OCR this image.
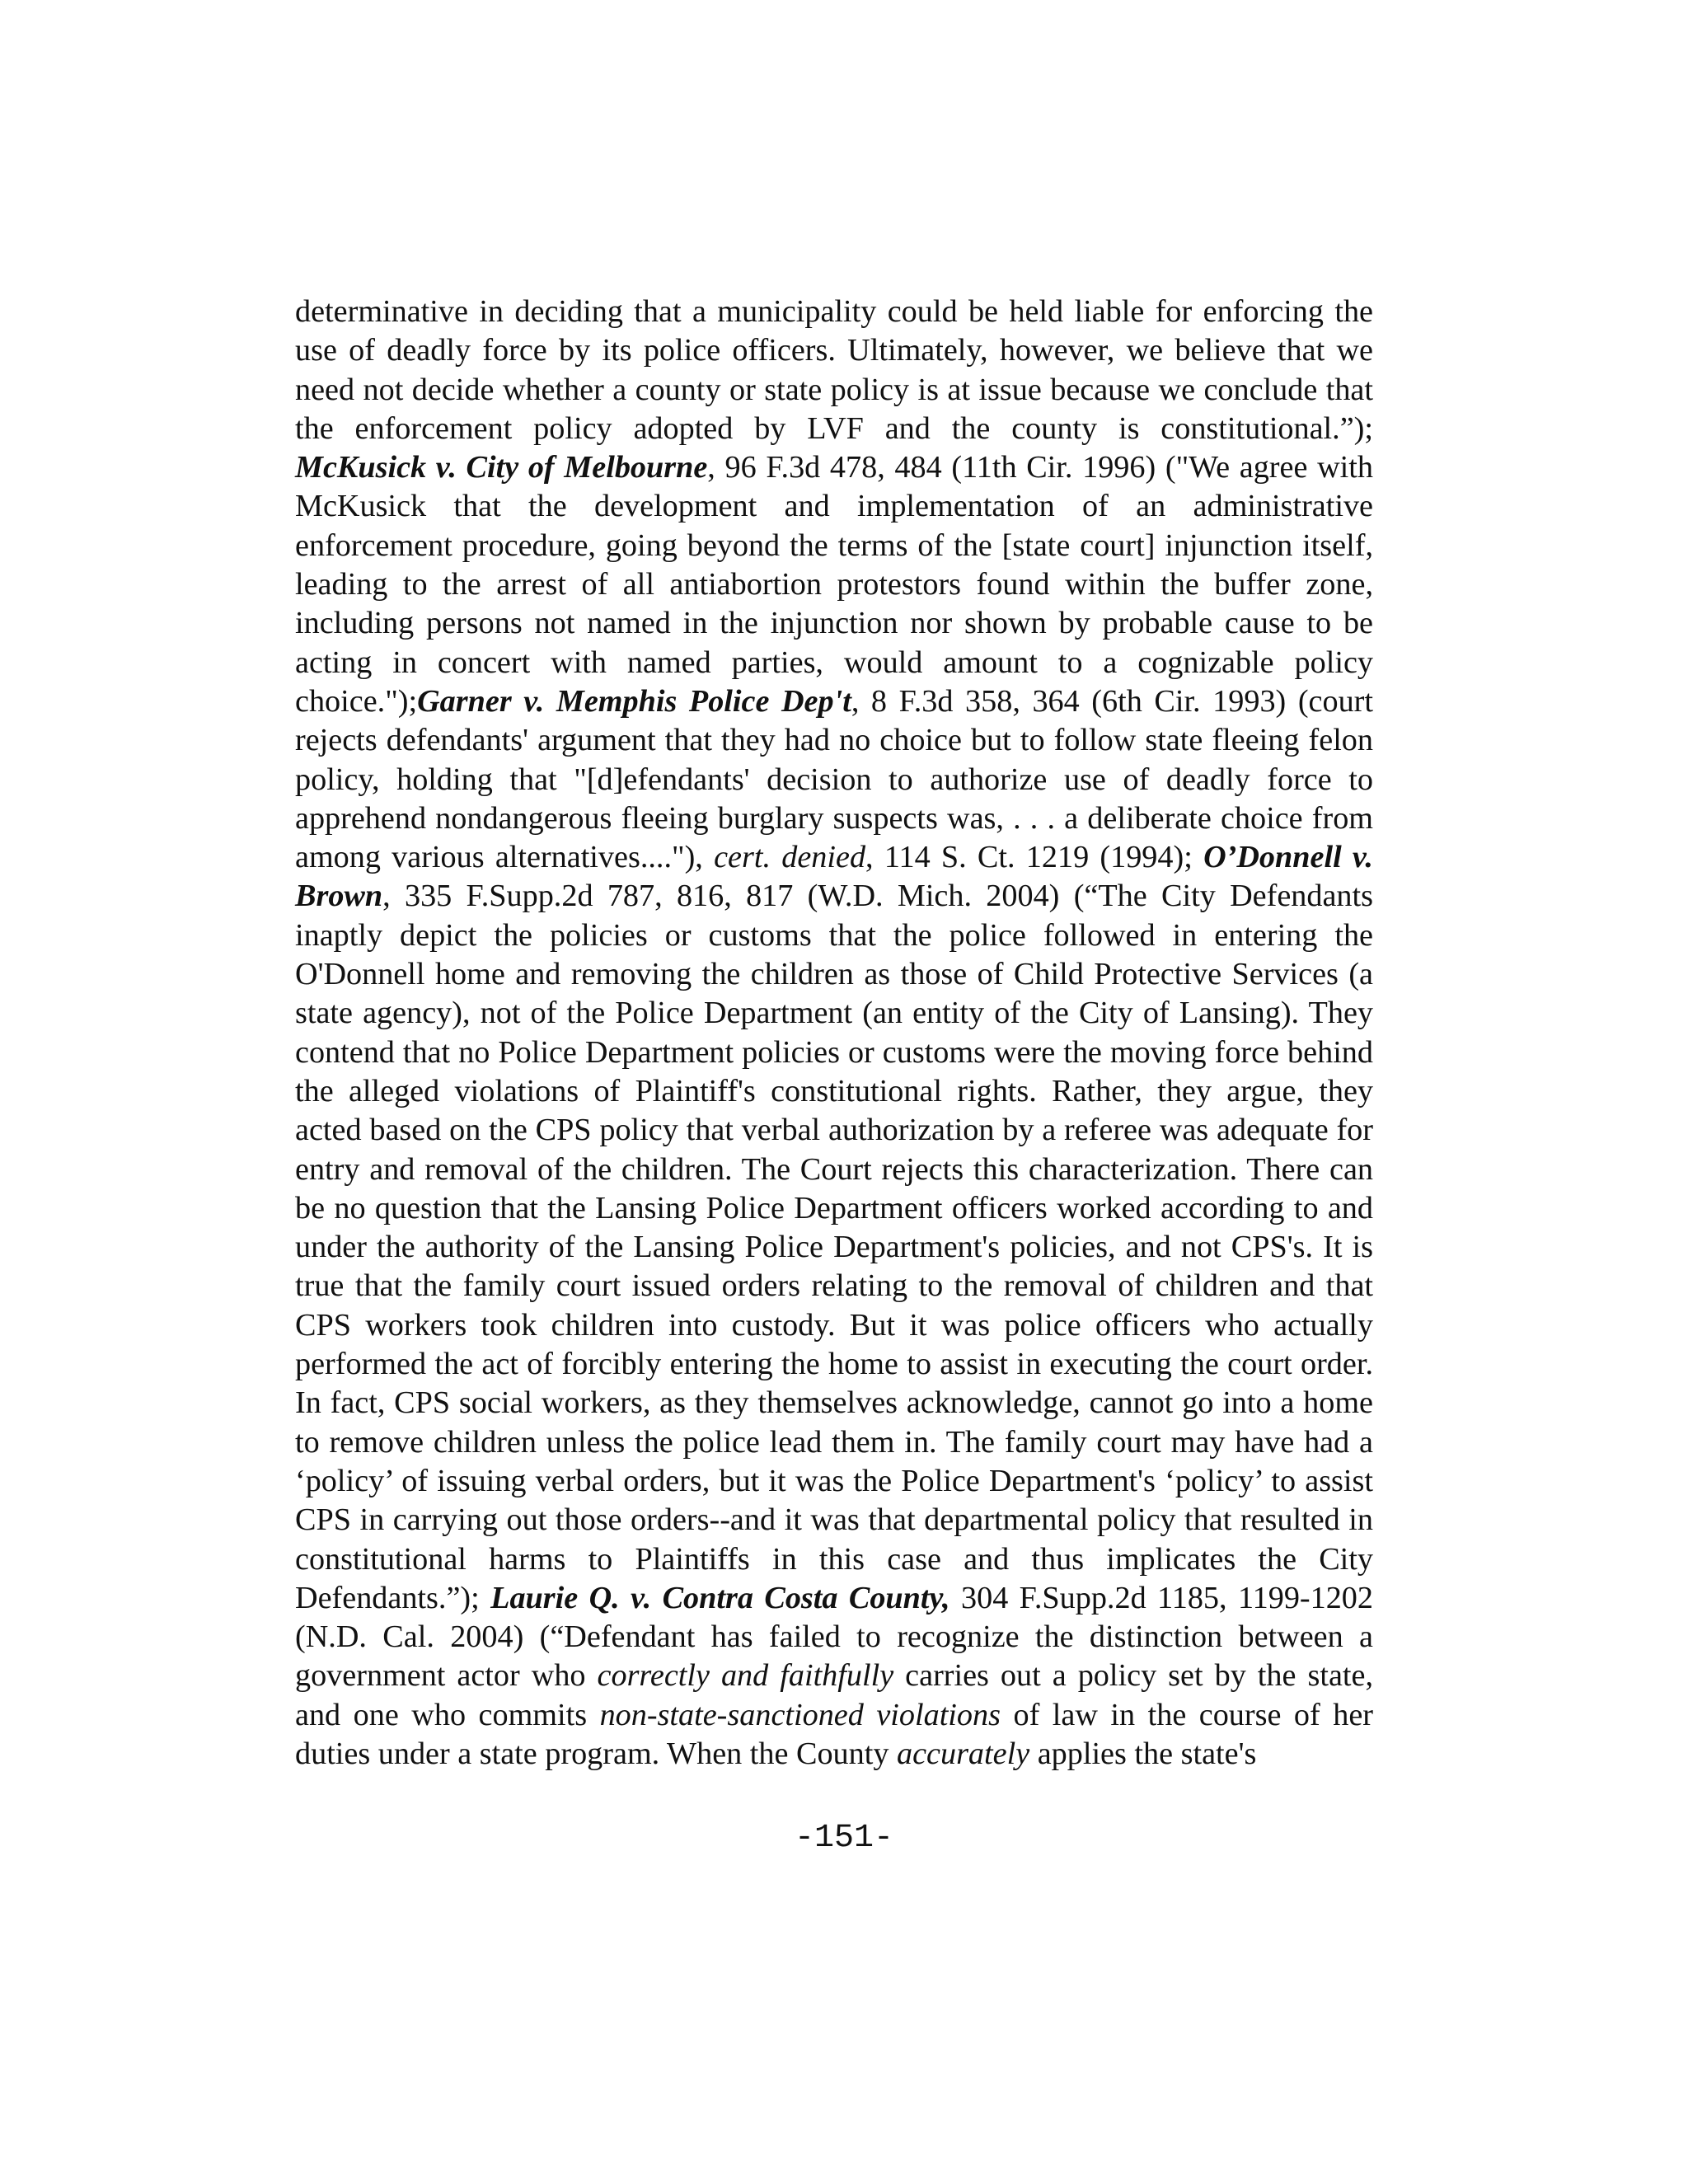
determinative in deciding that a municipality could be held liable for enforcing the use of deadly force by its police officers. Ultimately, however, we believe that we need not decide whether a county or state policy is at issue because we conclude that the enforcement policy adopted by LVF and the county is constitutional.”); McKusick v. City of Melbourne, 96 F.3d 478, 484 (11th Cir. 1996) ("We agree with McKusick that the development and implementation of an administrative enforcement procedure, going beyond the terms of the [state court] injunction itself, leading to the arrest of all antiabortion protestors found within the buffer zone, including persons not named in the injunction nor shown by probable cause to be acting in concert with named parties, would amount to a cognizable policy choice.");Garner v. Memphis Police Dep't, 8 F.3d 358, 364 (6th Cir. 1993) (court rejects defendants' argument that they had no choice but to follow state fleeing felon policy, holding that "[d]efendants' decision to authorize use of deadly force to apprehend nondangerous fleeing burglary suspects was, . . . a deliberate choice from among various alternatives...."), cert. denied, 114 S. Ct. 1219 (1994); O’Donnell v. Brown, 335 F.Supp.2d 787, 816, 817 (W.D. Mich. 2004) (“The City Defendants inaptly depict the policies or customs that the police followed in entering the O'Donnell home and removing the children as those of Child Protective Services (a state agency), not of the Police Department (an entity of the City of Lansing). They contend that no Police Department policies or customs were the moving force behind the alleged violations of Plaintiff's constitutional rights. Rather, they argue, they acted based on the CPS policy that verbal authorization by a referee was adequate for entry and removal of the children. The Court rejects this characterization. There can be no question that the Lansing Police Department officers worked according to and under the authority of the Lansing Police Department's policies, and not CPS's. It is true that the family court issued orders relating to the removal of children and that CPS workers took children into custody. But it was police officers who actually performed the act of forcibly entering the home to assist in executing the court order. In fact, CPS social workers, as they themselves acknowledge, cannot go into a home to remove children unless the police lead them in. The family court may have had a ‘policy’ of issuing verbal orders, but it was the Police Department's ‘policy’ to assist CPS in carrying out those orders--and it was that departmental policy that resulted in constitutional harms to Plaintiffs in this case and thus implicates the City Defendants.”); Laurie Q. v. Contra Costa County, 304 F.Supp.2d 1185, 1199-1202 (N.D. Cal. 2004) (“Defendant has failed to recognize the distinction between a government actor who correctly and faithfully carries out a policy set by the state, and one who commits non-state-sanctioned violations of law in the course of her duties under a state program. When the County accurately applies the state's

-151-
